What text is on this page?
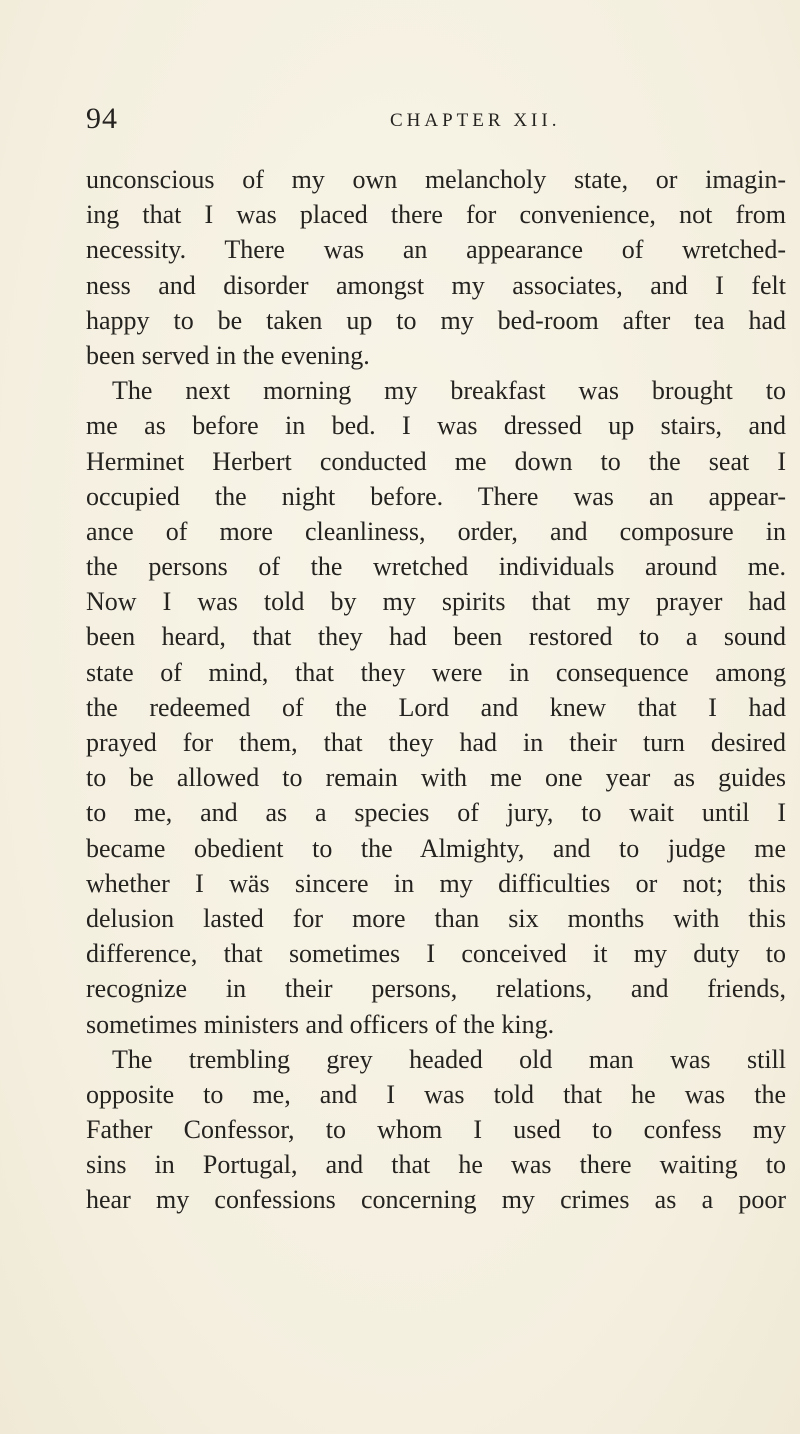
94	CHAPTER XII.
unconscious of my own melancholy state, or imagin-
ing that I was placed there for convenience, not from
necessity. There was an appearance of wretched-
ness and disorder amongst my associates, and I felt
happy to be taken up to my bed-room after tea had
been served in the evening.
The next morning my breakfast was brought to
me as before in bed. I was dressed up stairs, and
Herminet Herbert conducted me down to the seat I
occupied the night before. There was an appear-
ance of more cleanliness, order, and composure in
the persons of the wretched individuals around me.
Now I was told by my spirits that my prayer had
been heard, that they had been restored to a sound
state of mind, that they were in consequence among
the redeemed of the Lord and knew that I had
prayed for them, that they had in their turn desired
to be allowed to remain with me one year as guides
to me, and as a species of jury, to wait until I
became obedient to the Almighty, and to judge me
whether I wäs sincere in my difficulties or not; this
delusion lasted for more than six months with this
difference, that sometimes I conceived it my duty to
recognize in their persons, relations, and friends,
sometimes ministers and officers of the king.
The trembling grey headed old man was still
opposite to me, and I was told that he was the
Father Confessor, to whom I used to confess my
sins in Portugal, and that he was there waiting to
hear my confessions concerning my crimes as a poor
